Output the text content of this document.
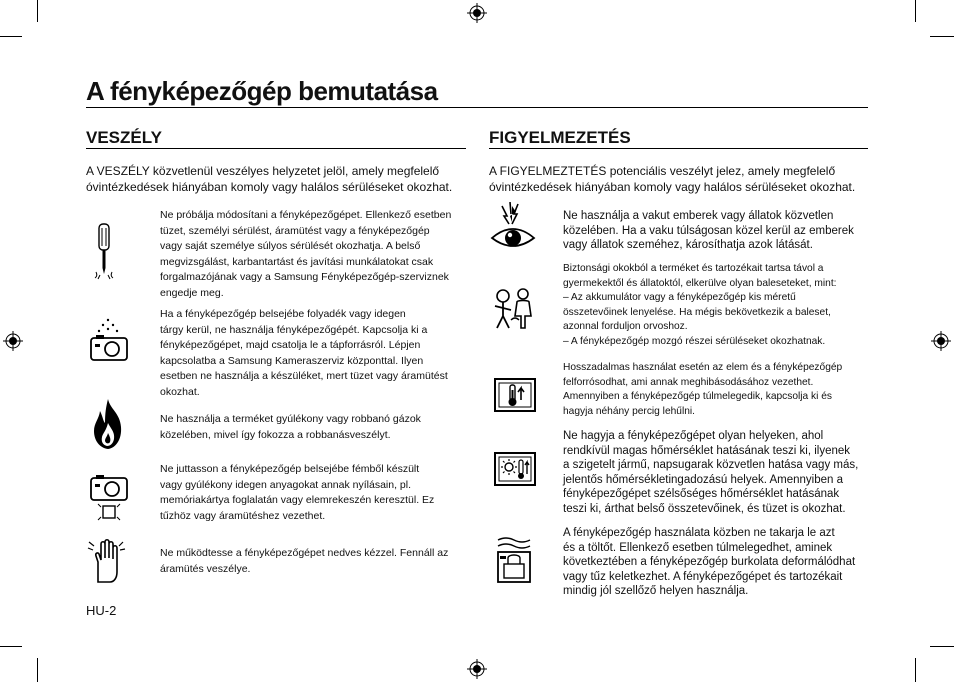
A fényképezőgép bemutatása
VESZÉLY
A VESZÉLY közvetlenül veszélyes helyzetet jelöl, amely megfelelő
óvintézkedések hiányában komoly vagy halálos sérüléseket okozhat.
Ne próbálja módosítani a fényképezőgépet. Ellenkező esetben
tüzet, személyi sérülést, áramütést vagy a fényképezőgép
vagy saját személye súlyos sérülését okozhatja. A belső
megvizsgálást, karbantartást és javítási munkálatokat csak
forgalmazójának vagy a Samsung Fényképezőgép-szerviznek
engedje meg.
Ha a fényképezőgép belsejébe folyadék vagy idegen
tárgy kerül, ne használja fényképezőgépét. Kapcsolja ki a
fényképezőgépet, majd csatolja le a tápforrásról. Lépjen
kapcsolatba a Samsung Kameraszerviz központtal. Ilyen
esetben ne használja a készüléket, mert tüzet vagy áramütést
okozhat.
Ne használja a terméket gyúlékony vagy robbanó gázok
közelében, mivel így fokozza a robbanásveszélyt.
Ne juttasson a fényképezőgép belsejébe fémből készült
vagy gyúlékony idegen anyagokat annak nyílásain, pl.
memóriakártya foglalatán vagy elemrekeszén keresztül. Ez
tűzhöz vagy áramütéshez vezethet.
Ne működtesse a fényképezőgépet nedves kézzel. Fennáll az
áramütés veszélye.
HU-2
FIGYELMEZETÉS
A FIGYELMEZTETÉS potenciális veszélyt jelez, amely megfelelő
óvintézkedések hiányában komoly vagy halálos sérüléseket okozhat.
Ne használja a vakut emberek vagy állatok közvetlen
közelében. Ha a vaku túlságosan közel kerül az emberek
vagy állatok szeméhez, károsíthatja azok látását.
Biztonsági okokból a terméket és tartozékait tartsa távol a
gyermekektől és állatoktól, elkerülve olyan baleseteket, mint:
– Az akkumulátor vagy a fényképezőgép kis méretű
összetevőinek lenyelése. Ha mégis bekövetkezik a baleset,
azonnal forduljon orvoshoz.
– A fényképezőgép mozgó részei sérüléseket okozhatnak.
Hosszadalmas használat esetén az elem és a fényképezőgép
felforrósodhat, ami annak meghibásodásához vezethet.
Amennyiben a fényképezőgép túlmelegedik, kapcsolja ki és
hagyja néhány percig lehűlni.
Ne hagyja a fényképezőgépet olyan helyeken, ahol
rendkívül magas hőmérséklet hatásának teszi ki, ilyenek
a szigetelt jármű, napsugarak közvetlen hatása vagy más,
jelentős hőmérsékletingadozású helyek. Amennyiben a
fényképezőgépet szélsőséges hőmérséklet hatásának
teszi ki, árthat belső összetevőinek, és tüzet is okozhat.
A fényképezőgép használata közben ne takarja le azt
és a töltőt. Ellenkező esetben túlmelegedhet, aminek
következtében a fényképezőgép burkolata deformálódhat
vagy tűz keletkezhet. A fényképezőgépet és tartozékait
mindig jól szellőző helyen használja.
